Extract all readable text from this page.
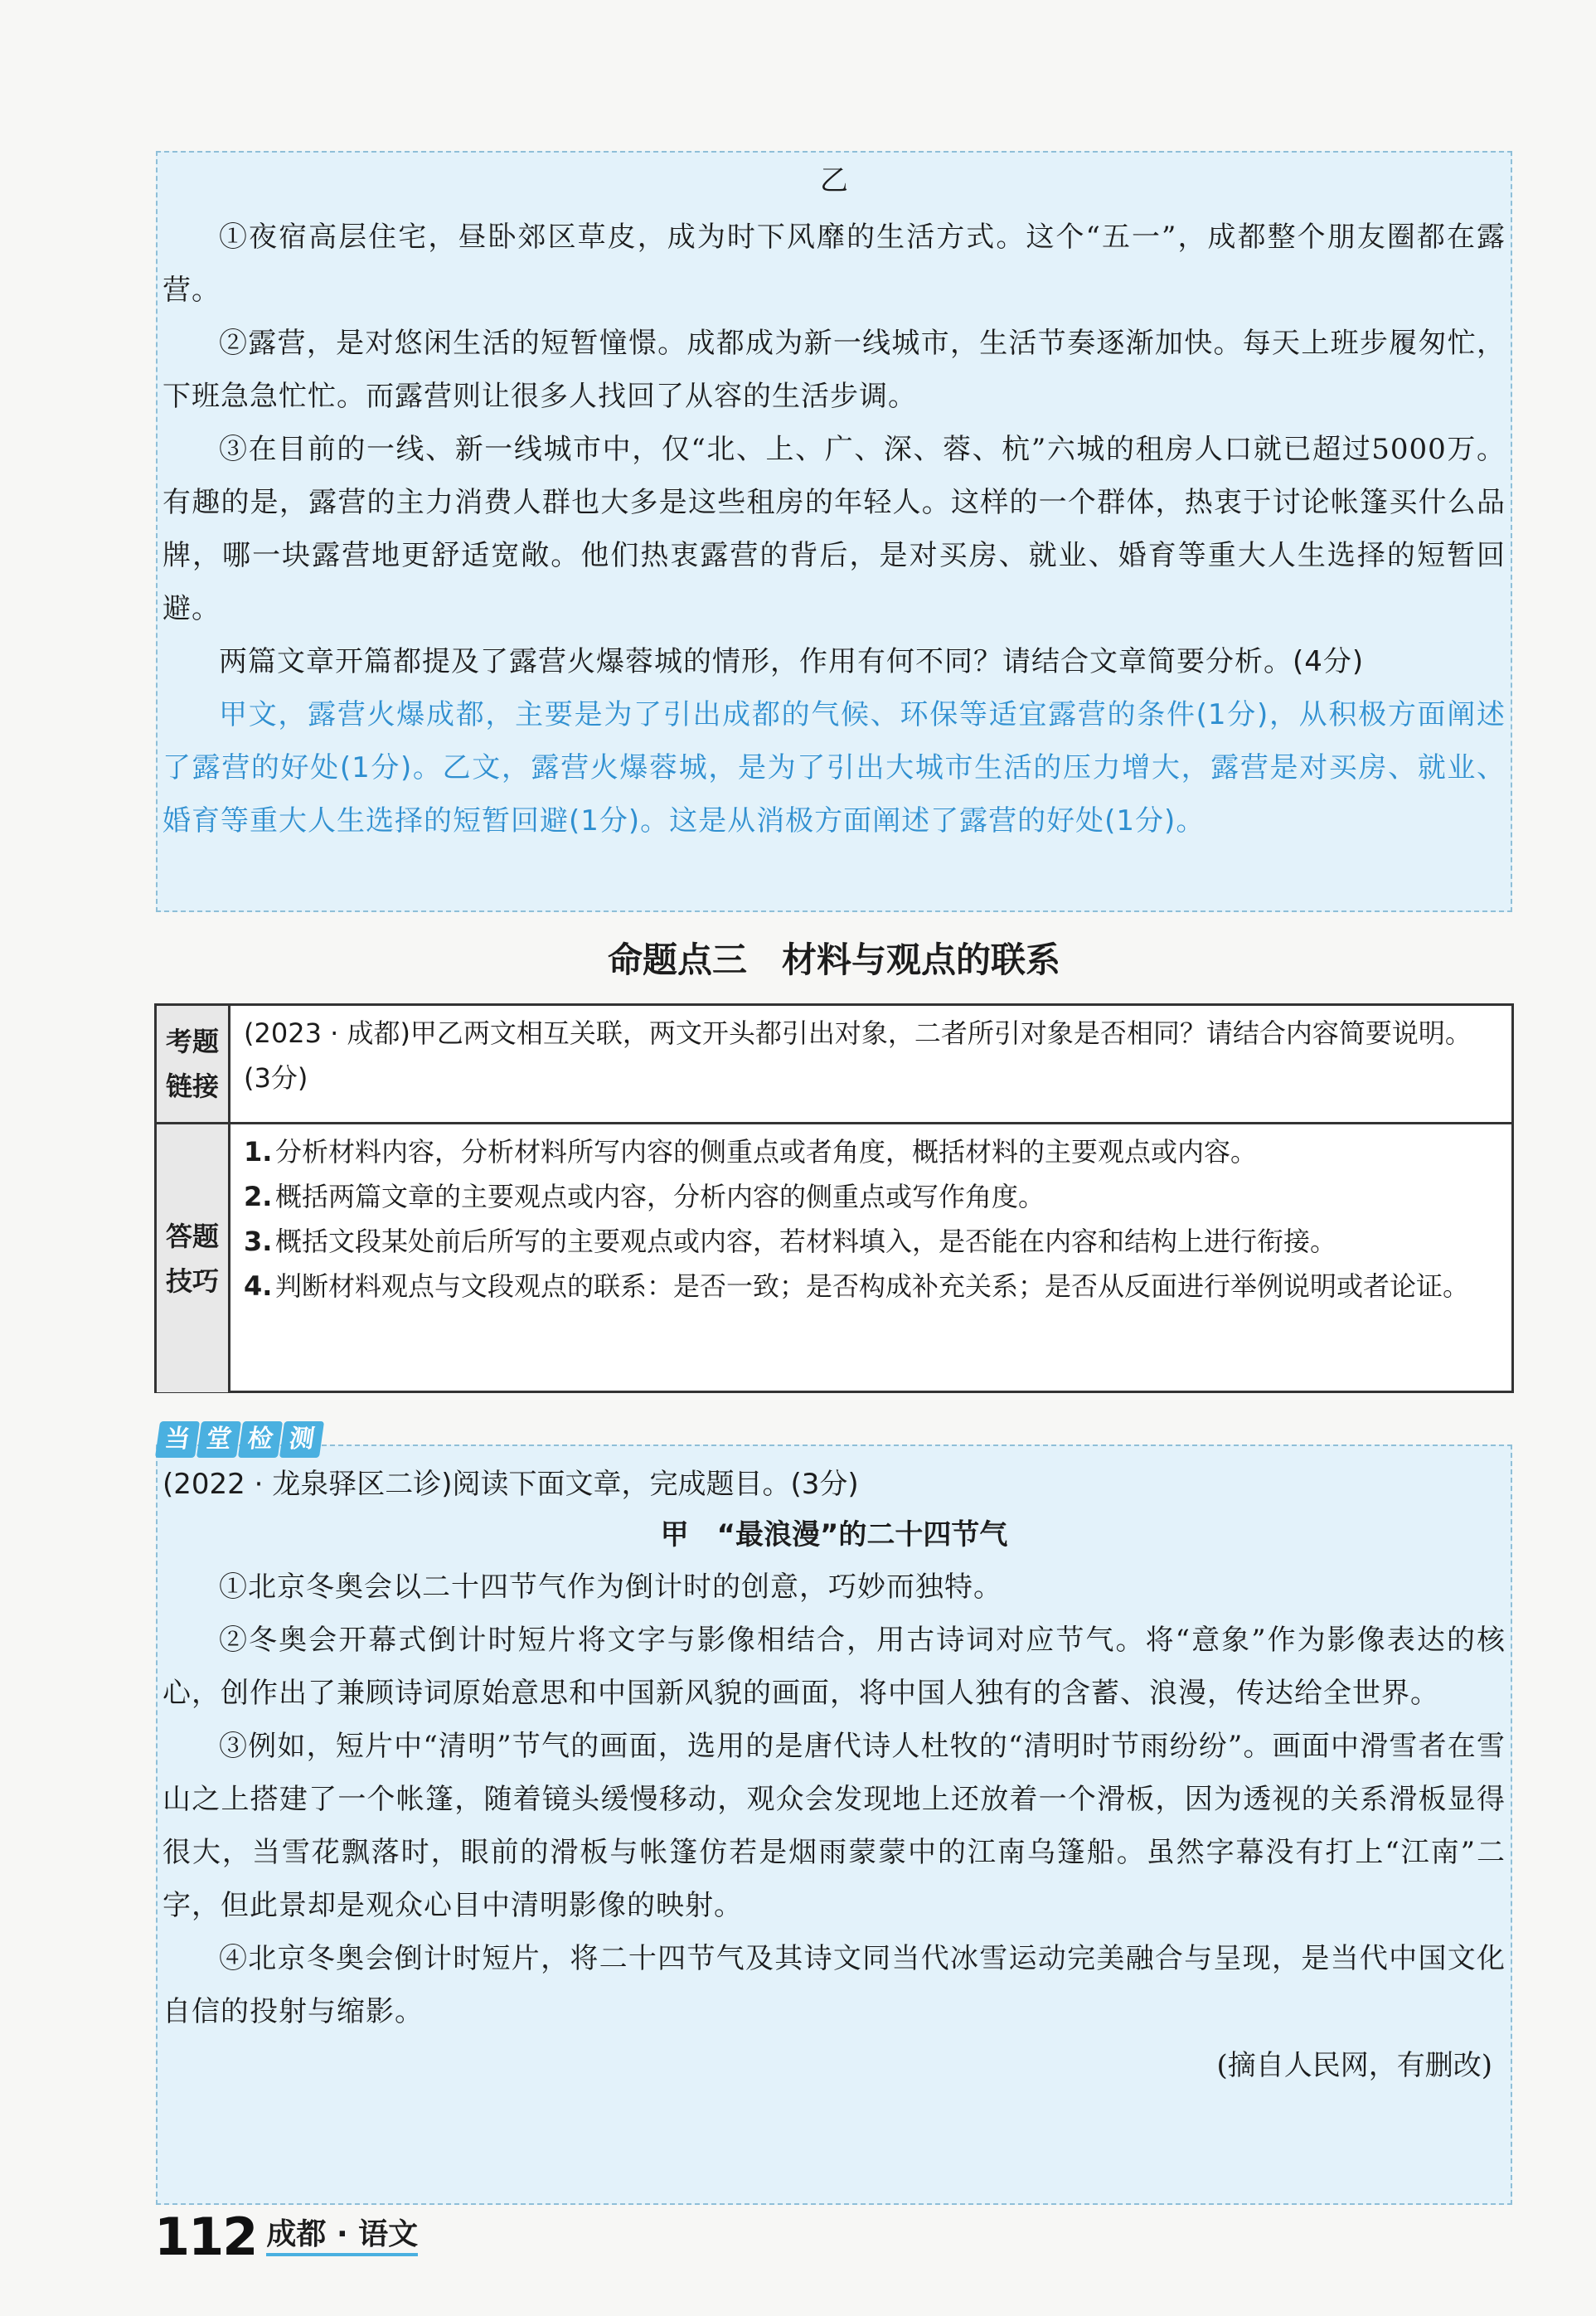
乙

①夜宿高层住宅，昼卧郊区草皮，成为时下风靡的生活方式。这个“五一”，成都整个朋友圈都在露营。

②露营，是对悠闲生活的短暂憧憬。成都成为新一线城市，生活节奏逐渐加快。每天上班步履匆忙，下班急急忙忙。而露营则让很多人找回了从容的生活步调。

③在目前的一线、新一线城市中，仅“北、上、广、深、蓉、杭”六城的租房人口就已超过5000万。有趣的是，露营的主力消费人群也大多是这些租房的年轻人。这样的一个群体，热衷于讨论帐篷买什么品牌，哪一块露营地更舒适宽敞。他们热衷露营的背后，是对买房、就业、婚育等重大人生选择的短暂回避。

两篇文章开篇都提及了露营火爆蓉城的情形，作用有何不同？请结合文章简要分析。(4分)

甲文，露营火爆成都，主要是为了引出成都的气候、环保等适宜露营的条件(1分)，从积极方面阐述了露营的好处(1分)。乙文，露营火爆蓉城，是为了引出大城市生活的压力增大，露营是对买房、就业、婚育等重大人生选择的短暂回避(1分)。这是从消极方面阐述了露营的好处(1分)。

命题点三　材料与观点的联系
考题链接
(2023 · 成都)甲乙两文相互关联，两文开头都引出对象，二者所引对象是否相同？请结合内容简要说明。(3分)
答题技巧
1. 分析材料内容，分析材料所写内容的侧重点或者角度，概括材料的主要观点或内容。
2. 概括两篇文章的主要观点或内容，分析内容的侧重点或写作角度。
3. 概括文段某处前后所写的主要观点或内容，若材料填入，是否能在内容和结构上进行衔接。
4. 判断材料观点与文段观点的联系：是否一致；是否构成补充关系；是否从反面进行举例说明或者论证。
(2022 · 龙泉驿区二诊)阅读下面文章，完成题目。(3分)
甲　“最浪漫”的二十四节气

①北京冬奥会以二十四节气作为倒计时的创意，巧妙而独特。

②冬奥会开幕式倒计时短片将文字与影像相结合，用古诗词对应节气。将“意象”作为影像表达的核心，创作出了兼顾诗词原始意思和中国新风貌的画面，将中国人独有的含蓄、浪漫，传达给全世界。

③例如，短片中“清明”节气的画面，选用的是唐代诗人杜牧的“清明时节雨纷纷”。画面中滑雪者在雪山之上搭建了一个帐篷，随着镜头缓慢移动，观众会发现地上还放着一个滑板，因为透视的关系滑板显得很大，当雪花飘落时，眼前的滑板与帐篷仿若是烟雨蒙蒙中的江南乌篷船。虽然字幕没有打上“江南”二字，但此景却是观众心目中清明影像的映射。

④北京冬奥会倒计时短片，将二十四节气及其诗文同当代冰雪运动完美融合与呈现，是当代中国文化自信的投射与缩影。

(摘自人民网，有删改)
当 堂 检 测
112 成都 · 语文
